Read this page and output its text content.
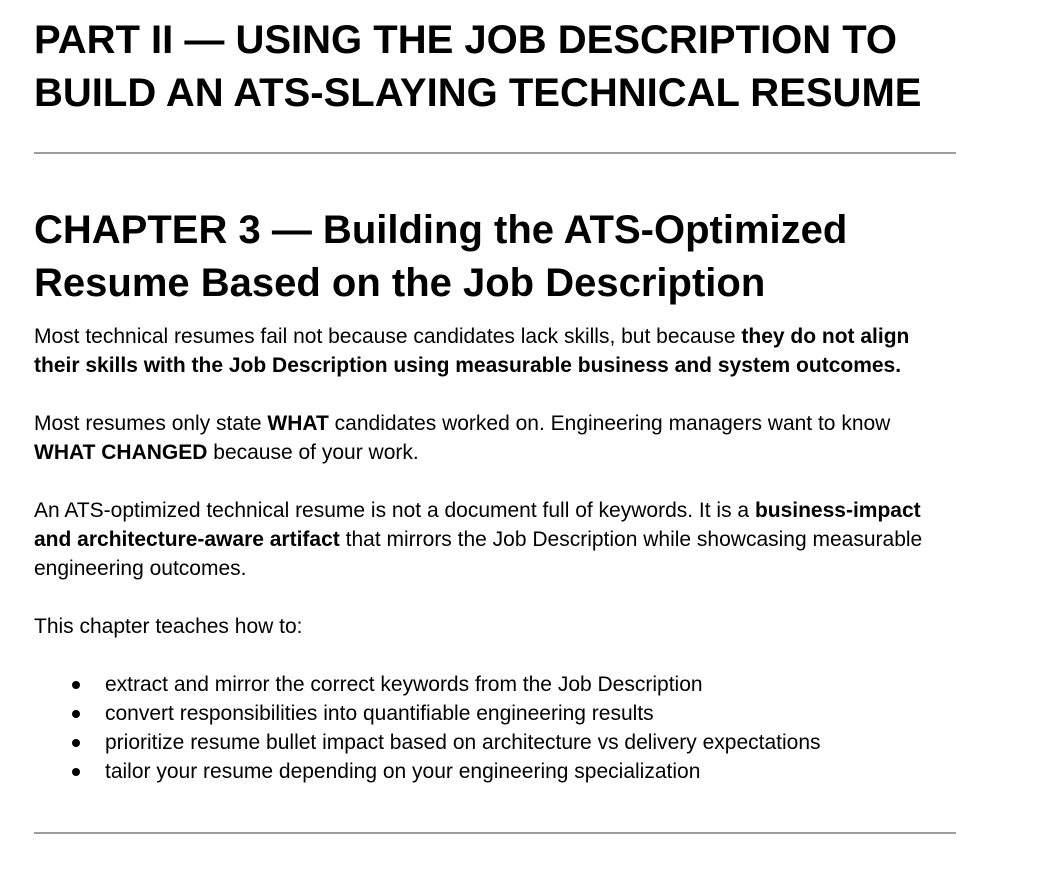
PART II — USING THE JOB DESCRIPTION TO BUILD AN ATS-SLAYING TECHNICAL RESUME
CHAPTER 3 — Building the ATS-Optimized Resume Based on the Job Description

Most technical resumes fail not because candidates lack skills, but because they do not align their skills with the Job Description using measurable business and system outcomes.

Most resumes only state WHAT candidates worked on. Engineering managers want to know WHAT CHANGED because of your work.

An ATS-optimized technical resume is not a document full of keywords. It is a business-impact and architecture-aware artifact that mirrors the Job Description while showcasing measurable engineering outcomes.

This chapter teaches how to:

extract and mirror the correct keywords from the Job Description
convert responsibilities into quantifiable engineering results
prioritize resume bullet impact based on architecture vs delivery expectations
tailor your resume depending on your engineering specialization
